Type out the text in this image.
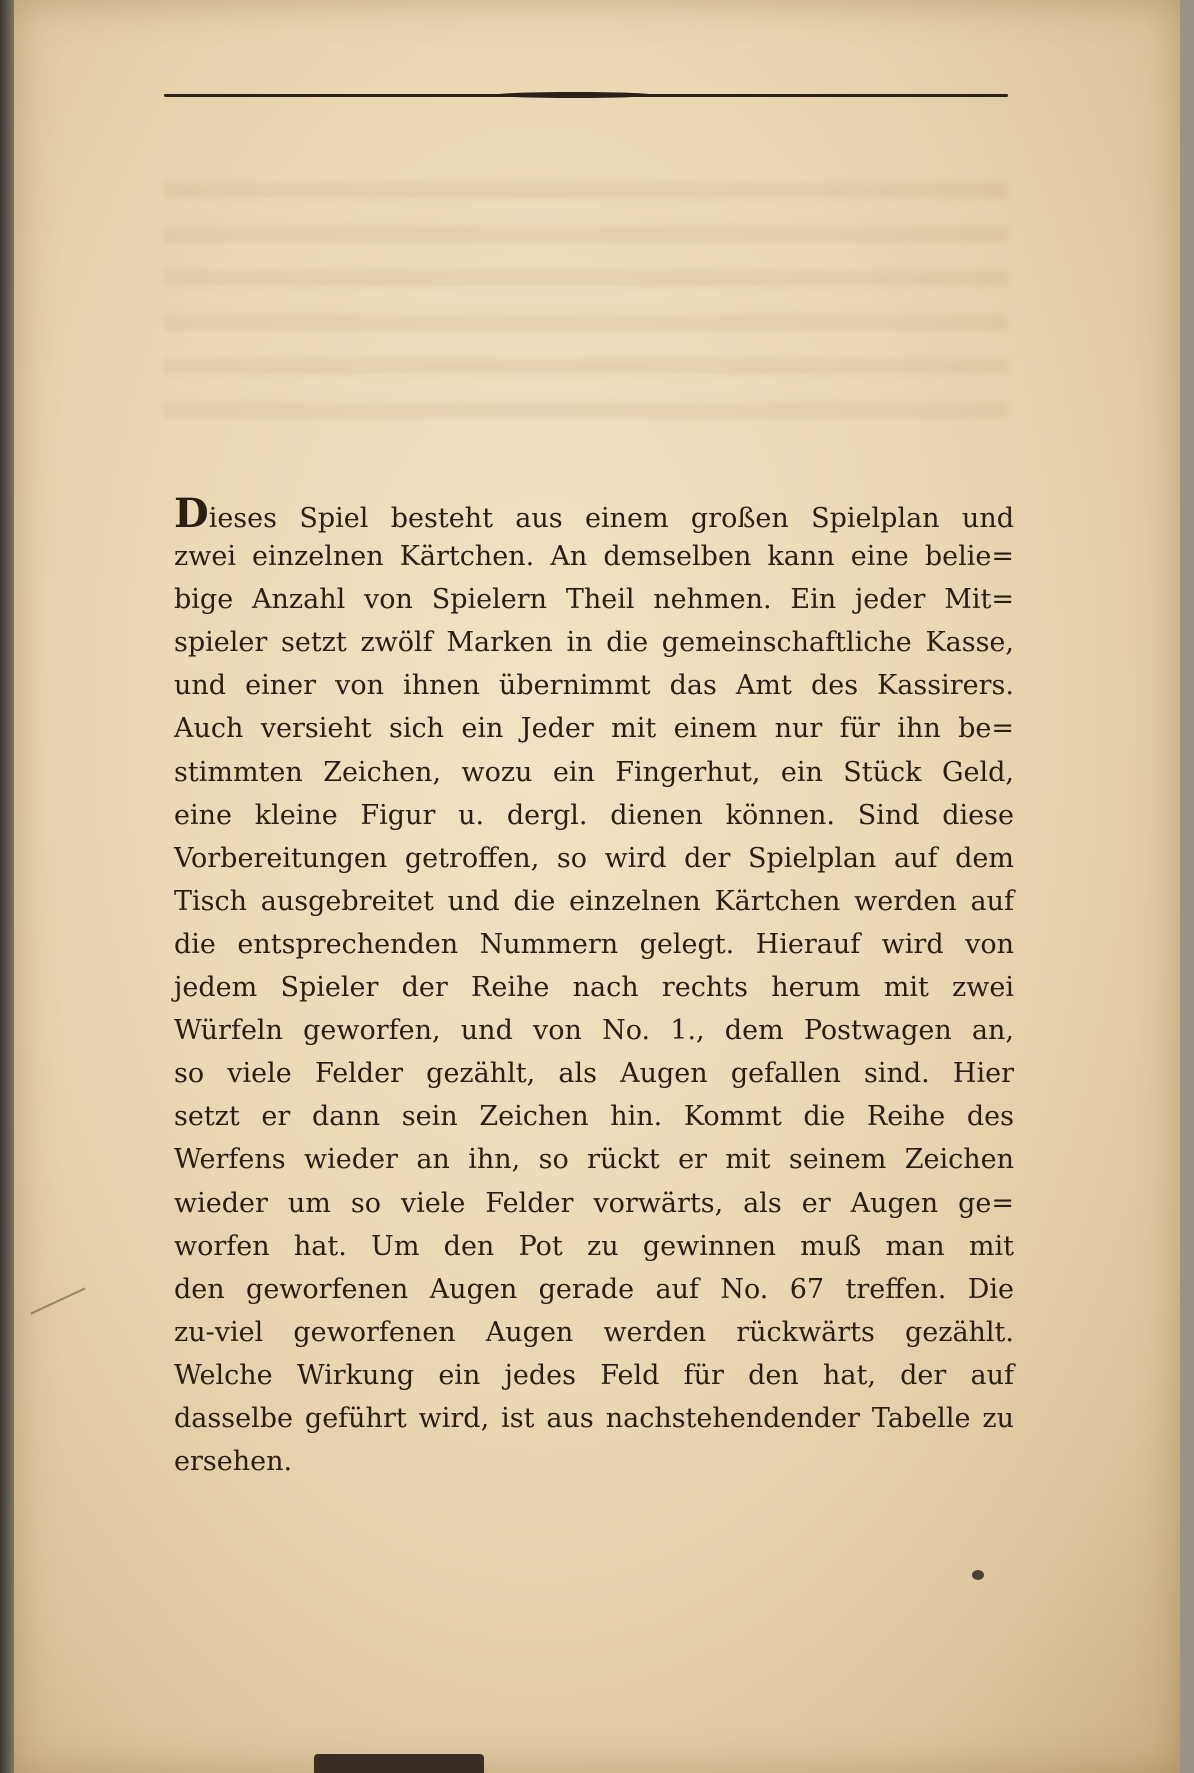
Dieses Spiel besteht aus einem großen Spielplan und
zwei einzelnen Kärtchen. An demselben kann eine belie=
bige Anzahl von Spielern Theil nehmen. Ein jeder Mit=
spieler setzt zwölf Marken in die gemeinschaftliche Kasse,
und einer von ihnen übernimmt das Amt des Kassirers.
Auch versieht sich ein Jeder mit einem nur für ihn be=
stimmten Zeichen, wozu ein Fingerhut, ein Stück Geld,
eine kleine Figur u. dergl. dienen können. Sind diese
Vorbereitungen getroffen, so wird der Spielplan auf dem
Tisch ausgebreitet und die einzelnen Kärtchen werden auf
die entsprechenden Nummern gelegt. Hierauf wird von
jedem Spieler der Reihe nach rechts herum mit zwei
Würfeln geworfen, und von No. 1., dem Postwagen an,
so viele Felder gezählt, als Augen gefallen sind. Hier
setzt er dann sein Zeichen hin. Kommt die Reihe des
Werfens wieder an ihn, so rückt er mit seinem Zeichen
wieder um so viele Felder vorwärts, als er Augen ge=
worfen hat. Um den Pot zu gewinnen muß man mit
den geworfenen Augen gerade auf No. 67 treffen. Die
zu-viel geworfenen Augen werden rückwärts gezählt.
Welche Wirkung ein jedes Feld für den hat, der auf
dasselbe geführt wird, ist aus nachstehendender Tabelle zu
ersehen.
